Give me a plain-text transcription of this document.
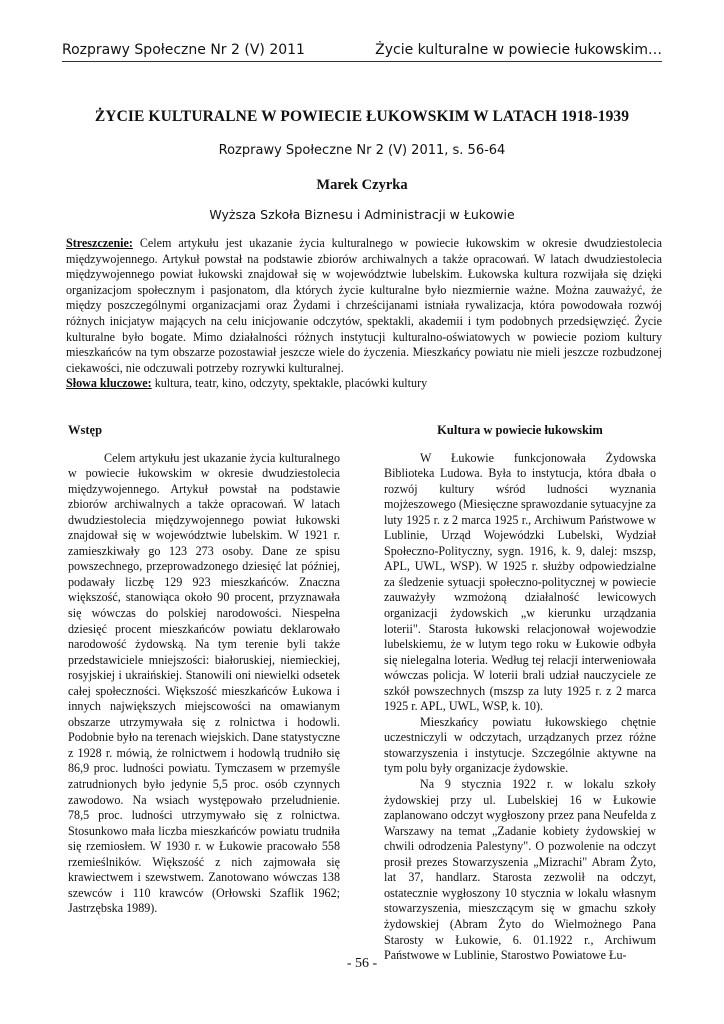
Rozprawy Społeczne Nr 2 (V) 2011	Życie kulturalne w powiecie łukowskim…
ŻYCIE KULTURALNE W POWIECIE ŁUKOWSKIM W LATACH 1918-1939
Rozprawy Społeczne Nr 2 (V) 2011, s. 56-64
Marek Czyrka
Wyższa Szkoła Biznesu i Administracji w Łukowie

Streszczenie: Celem artykułu jest ukazanie życia kulturalnego w powiecie łukowskim w okresie dwudziestolecia międzywojennego. Artykuł powstał na podstawie zbiorów archiwalnych a także opracowań. W latach dwudziestolecia międzywojennego powiat łukowski znajdował się w województwie lubelskim. Łukowska kultura rozwijała się dzięki organizacjom społecznym i pasjonatom, dla których życie kulturalne było niezmiernie ważne. Można zauważyć, że między poszczególnymi organizacjami oraz Żydami i chrześcijanami istniała rywalizacja, która powodowała rozwój różnych inicjatyw mających na celu inicjowanie odczytów, spektakli, akademii i tym podobnych przedsięwzięć. Życie kulturalne było bogate. Mimo działalności różnych instytucji kulturalno-oświatowych w powiecie poziom kultury mieszkańców na tym obszarze pozostawiał jeszcze wiele do życzenia. Mieszkańcy powiatu nie mieli jeszcze rozbudzonej ciekawości, nie odczuwali potrzeby rozrywki kulturalnej.

Słowa kluczowe: kultura, teatr, kino, odczyty, spektakle, placówki kultury

Wstęp

Celem artykułu jest ukazanie życia kulturalnego w powiecie łukowskim w okresie dwudziestolecia międzywojennego. Artykuł powstał na podstawie zbiorów archiwalnych a także opracowań. W latach dwudziestolecia międzywojennego powiat łukowski znajdował się w województwie lubelskim. W 1921 r. zamieszkiwały go 123 273 osoby. Dane ze spisu powszechnego, przeprowadzonego dziesięć lat później, podawały liczbę 129 923 mieszkańców. Znaczna większość, stanowiąca około 90 procent, przyznawała się wówczas do polskiej narodowości. Niespełna dziesięć procent mieszkańców powiatu deklarowało narodowość żydowską. Na tym terenie byli także przedstawiciele mniejszości: białoruskiej, niemieckiej, rosyjskiej i ukraińskiej. Stanowili oni niewielki odsetek całej społeczności. Większość mieszkańców Łukowa i innych największych miejscowości na omawianym obszarze utrzymywała się z rolnictwa i hodowli. Podobnie było na terenach wiejskich. Dane statystyczne z 1928 r. mówią, że rolnictwem i hodowlą trudniło się 86,9 proc. ludności powiatu. Tymczasem w przemyśle zatrudnionych było jedynie 5,5 proc. osób czynnych zawodowo. Na wsiach występowało przeludnienie. 78,5 proc. ludności utrzymywało się z rolnictwa. Stosunkowo mała liczba mieszkańców powiatu trudniła się rzemiosłem. W 1930 r. w Łukowie pracowało 558 rzemieślników. Większość z nich zajmowała się krawiectwem i szewstwem. Zanotowano wówczas 138 szewców i 110 krawców (Orłowski Szaflik 1962; Jastrzębska 1989).

Kultura w powiecie łukowskim

W Łukowie funkcjonowała Żydowska Biblioteka Ludowa. Była to instytucja, która dbała o rozwój kultury wśród ludności wyznania mojżeszowego (Miesięczne sprawozdanie sytuacyjne za luty 1925 r. z 2 marca 1925 r., Archiwum Państwowe w Lublinie, Urząd Wojewódzki Lubelski, Wydział Społeczno-Polityczny, sygn. 1916, k. 9, dalej: mszsp, APL, UWL, WSP). W 1925 r. służby odpowiedzialne za śledzenie sytuacji społeczno-politycznej w powiecie zauważyły wzmożoną działalność lewicowych organizacji żydowskich „w kierunku urządzania loterii". Starosta łukowski relacjonował wojewodzie lubelskiemu, że w lutym tego roku w Łukowie odbyła się nielegalna loteria. Według tej relacji interweniowała wówczas policja. W loterii brali udział nauczyciele ze szkół powszechnych (mszsp za luty 1925 r. z 2 marca 1925 r. APL, UWL, WSP, k. 10).

Mieszkańcy powiatu łukowskiego chętnie uczestniczyli w odczytach, urządzanych przez różne stowarzyszenia i instytucje. Szczególnie aktywne na tym polu były organizacje żydowskie.

Na 9 stycznia 1922 r. w lokalu szkoły żydowskiej przy ul. Lubelskiej 16 w Łukowie zaplanowano odczyt wygłoszony przez pana Neufelda z Warszawy na temat „Zadanie kobiety żydowskiej w chwili odrodzenia Palestyny". O pozwolenie na odczyt prosił prezes Stowarzyszenia „Mizrachi" Abram Żyto, lat 37, handlarz. Starosta zezwolił na odczyt, ostatecznie wygłoszony 10 stycznia w lokalu własnym stowarzyszenia, mieszczącym się w gmachu szkoły żydowskiej (Abram Żyto do Wielmożnego Pana Starosty w Łukowie, 6. 01.1922 r., Archiwum Państwowe w Lublinie, Starostwo Powiatowe Łu-

- 56 -
